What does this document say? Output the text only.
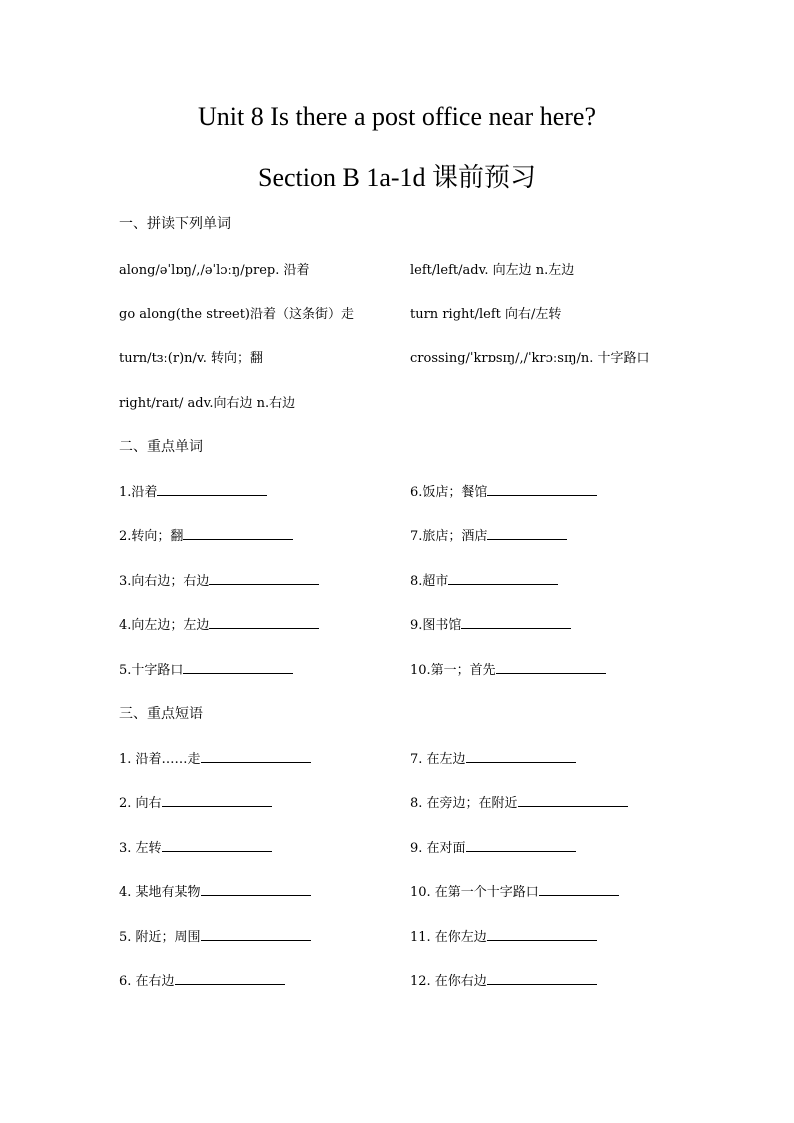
Unit 8 Is there a post office near here?
Section B 1a-1d 课前预习
一、拼读下列单词
along/əˈlɒŋ/,/əˈlɔːŋ/prep. 沿着	left/left/adv. 向左边 n.左边
go along(the street)沿着（这条街）走	turn right/left 向右/左转
turn/tɜː(r)n/v. 转向；翻	crossing/ˈkrɒsɪŋ/,/ˈkrɔːsɪŋ/n. 十字路口
right/raɪt/ adv.向右边 n.右边
二、重点单词
1.沿着	6.饭店；餐馆
2.转向；翻	7.旅店；酒店
3.向右边；右边	8.超市
4.向左边；左边	9.图书馆
5.十字路口	10.第一；首先
三、重点短语
1. 沿着……走	7. 在左边
2. 向右	8. 在旁边；在附近
3. 左转	9. 在对面
4. 某地有某物	10. 在第一个十字路口
5. 附近；周围	11. 在你左边
6. 在右边	12. 在你右边
